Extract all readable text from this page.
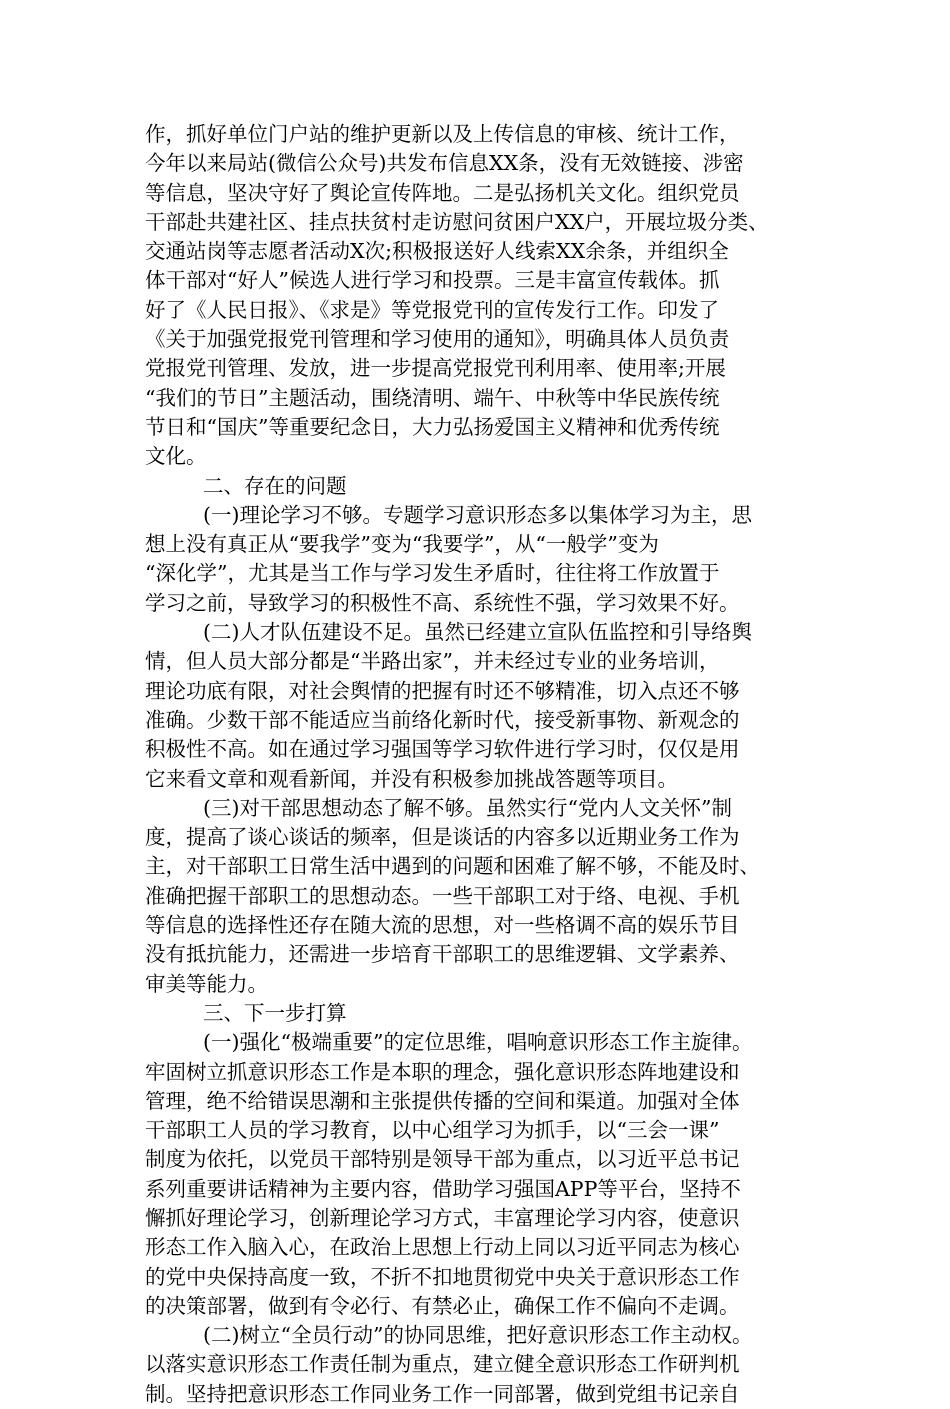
作，抓好单位门户站的维护更新以及上传信息的审核、统计工作，
今年以来局站(微信公众号)共发布信息XX条，没有无效链接、涉密
等信息，坚决守好了舆论宣传阵地。二是弘扬机关文化。组织党员
干部赴共建社区、挂点扶贫村走访慰问贫困户XX户，开展垃圾分类、
交通站岗等志愿者活动X次;积极报送好人线索XX余条，并组织全
体干部对“好人”候选人进行学习和投票。三是丰富宣传载体。抓
好了《人民日报》、《求是》等党报党刊的宣传发行工作。印发了
《关于加强党报党刊管理和学习使用的通知》，明确具体人员负责
党报党刊管理、发放，进一步提高党报党刊利用率、使用率;开展
“我们的节日”主题活动，围绕清明、端午、中秋等中华民族传统
节日和“国庆”等重要纪念日，大力弘扬爱国主义精神和优秀传统
文化。
二、存在的问题
(一)理论学习不够。专题学习意识形态多以集体学习为主，思
想上没有真正从“要我学”变为“我要学”，从“一般学”变为
“深化学”，尤其是当工作与学习发生矛盾时，往往将工作放置于
学习之前，导致学习的积极性不高、系统性不强，学习效果不好。
(二)人才队伍建设不足。虽然已经建立宣队伍监控和引导络舆
情，但人员大部分都是“半路出家”，并未经过专业的业务培训，
理论功底有限，对社会舆情的把握有时还不够精准，切入点还不够
准确。少数干部不能适应当前络化新时代，接受新事物、新观念的
积极性不高。如在通过学习强国等学习软件进行学习时，仅仅是用
它来看文章和观看新闻，并没有积极参加挑战答题等项目。
(三)对干部思想动态了解不够。虽然实行“党内人文关怀”制
度，提高了谈心谈话的频率，但是谈话的内容多以近期业务工作为
主，对干部职工日常生活中遇到的问题和困难了解不够，不能及时、
准确把握干部职工的思想动态。一些干部职工对于络、电视、手机
等信息的选择性还存在随大流的思想，对一些格调不高的娱乐节目
没有抵抗能力，还需进一步培育干部职工的思维逻辑、文学素养、
审美等能力。
三、下一步打算
(一)强化“极端重要”的定位思维，唱响意识形态工作主旋律。
牢固树立抓意识形态工作是本职的理念，强化意识形态阵地建设和
管理，绝不给错误思潮和主张提供传播的空间和渠道。加强对全体
干部职工人员的学习教育，以中心组学习为抓手，以“三会一课”
制度为依托，以党员干部特别是领导干部为重点，以习近平总书记
系列重要讲话精神为主要内容，借助学习强国APP等平台，坚持不
懈抓好理论学习，创新理论学习方式，丰富理论学习内容，使意识
形态工作入脑入心，在政治上思想上行动上同以习近平同志为核心
的党中央保持高度一致，不折不扣地贯彻党中央关于意识形态工作
的决策部署，做到有令必行、有禁必止，确保工作不偏向不走调。
(二)树立“全员行动”的协同思维，把好意识形态工作主动权。
以落实意识形态工作责任制为重点，建立健全意识形态工作研判机
制。坚持把意识形态工作同业务工作一同部署，做到党组书记亲自
